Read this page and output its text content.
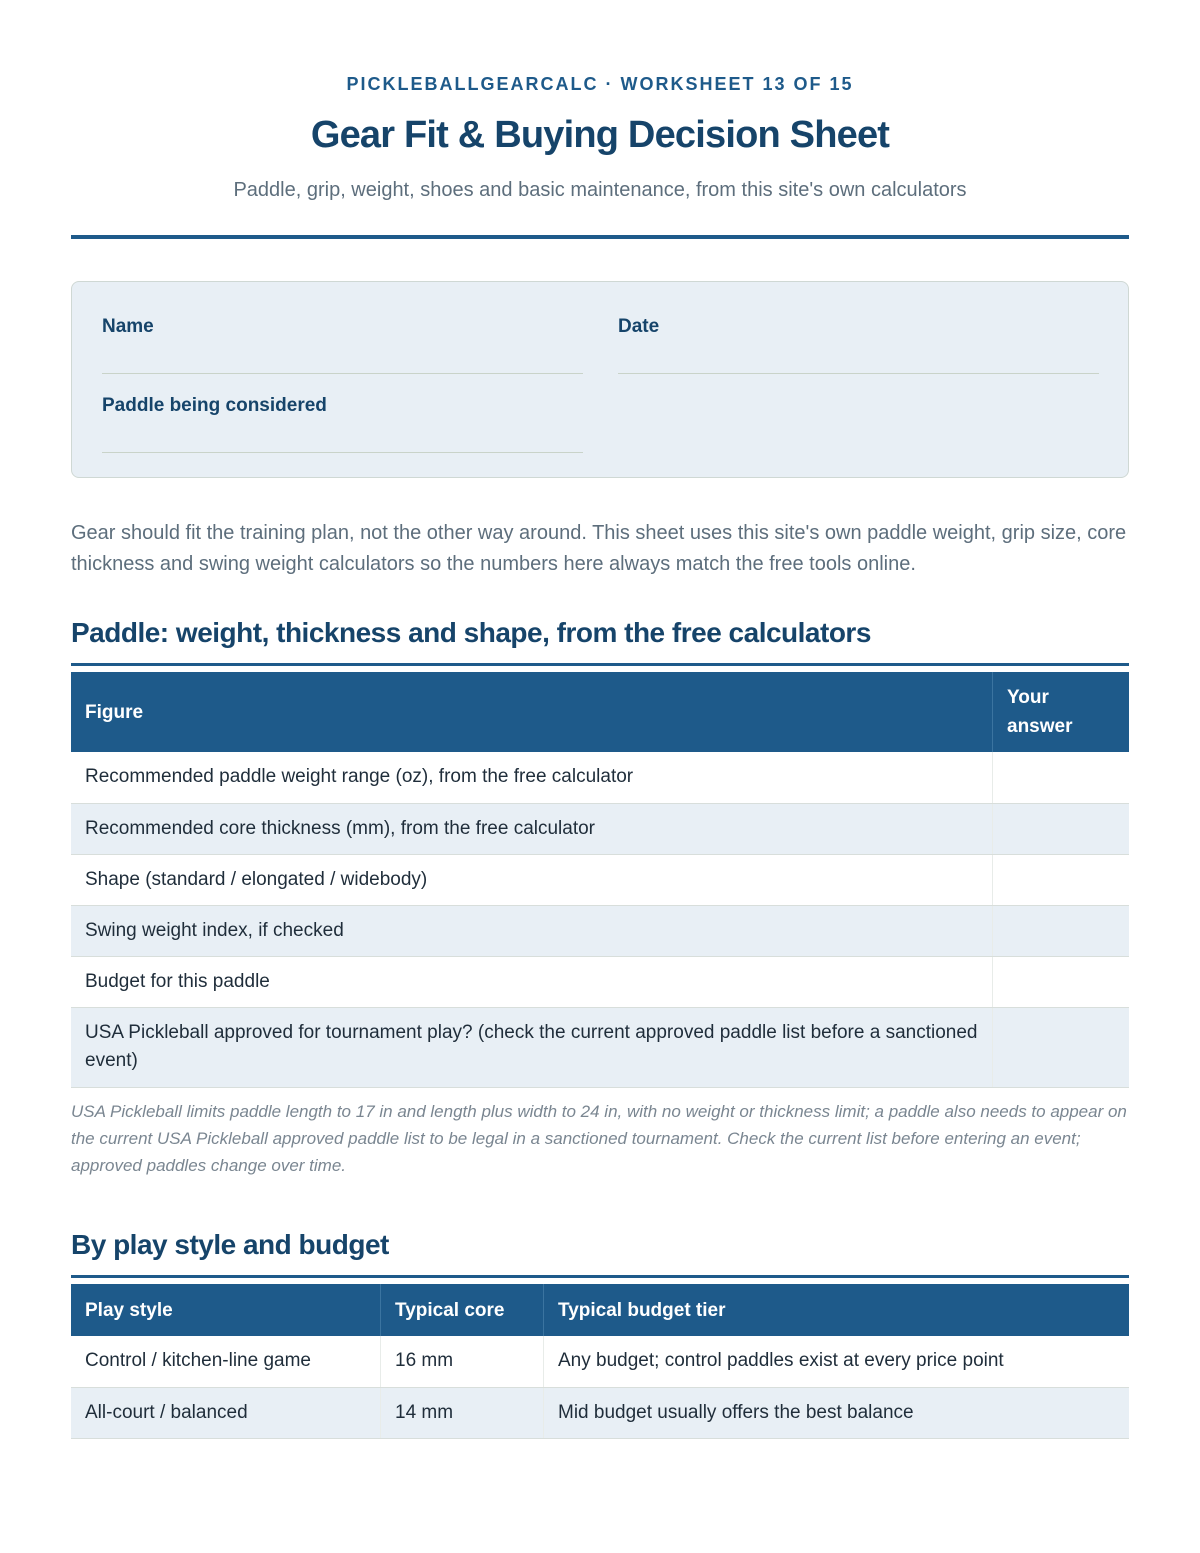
PICKLEBALLGEARCALC · WORKSHEET 13 OF 15
Gear Fit & Buying Decision Sheet
Paddle, grip, weight, shoes and basic maintenance, from this site's own calculators
Name	Date
Paddle being considered
Gear should fit the training plan, not the other way around. This sheet uses this site's own paddle weight, grip size, core thickness and swing weight calculators so the numbers here always match the free tools online.
Paddle: weight, thickness and shape, from the free calculators
Figure	Your answer
Recommended paddle weight range (oz), from the free calculator	
Recommended core thickness (mm), from the free calculator	
Shape (standard / elongated / widebody)	
Swing weight index, if checked	
Budget for this paddle	
USA Pickleball approved for tournament play? (check the current approved paddle list before a sanctioned event)	
USA Pickleball limits paddle length to 17 in and length plus width to 24 in, with no weight or thickness limit; a paddle also needs to appear on the current USA Pickleball approved paddle list to be legal in a sanctioned tournament. Check the current list before entering an event; approved paddles change over time.
By play style and budget
Play style	Typical core	Typical budget tier
Control / kitchen-line game	16 mm	Any budget; control paddles exist at every price point
All-court / balanced	14 mm	Mid budget usually offers the best balance
